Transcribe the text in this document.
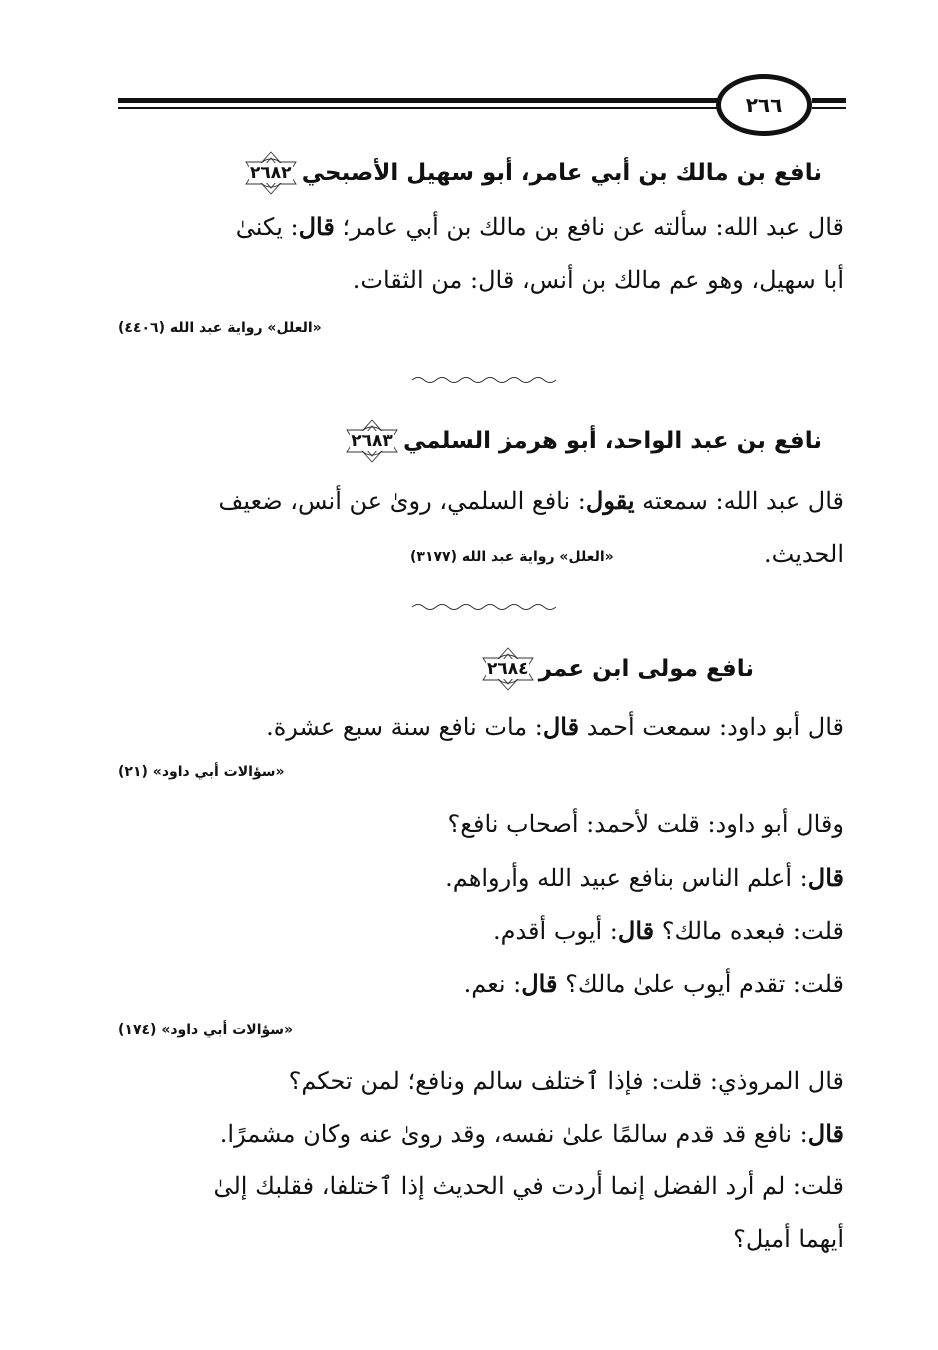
٢٦٦
٢٦٨٢ نافع بن مالك بن أبي عامر، أبو سهيل الأصبحي
قال عبد الله: سألته عن نافع بن مالك بن أبي عامر؛ قال: يكنىٰ
أبا سهيل، وهو عم مالك بن أنس، قال: من الثقات.
«العلل» رواية عبد الله (٤٤٠٦)
٢٦٨٣ نافع بن عبد الواحد، أبو هرمز السلمي
قال عبد الله: سمعته يقول: نافع السلمي، روىٰ عن أنس، ضعيف
الحديث.
«العلل» رواية عبد الله (٣١٧٧)
٢٦٨٤ نافع مولى ابن عمر
قال أبو داود: سمعت أحمد قال: مات نافع سنة سبع عشرة.
«سؤالات أبي داود» (٢١)
وقال أبو داود: قلت لأحمد: أصحاب نافع؟
قال: أعلم الناس بنافع عبيد الله وأرواهم.
قلت: فبعده مالك؟ قال: أيوب أقدم.
قلت: تقدم أيوب علىٰ مالك؟ قال: نعم.
«سؤالات أبي داود» (١٧٤)
قال المروذي: قلت: فإذا ٱختلف سالم ونافع؛ لمن تحكم؟
قال: نافع قد قدم سالمًا علىٰ نفسه، وقد روىٰ عنه وكان مشمرًا.
قلت: لم أرد الفضل إنما أردت في الحديث إذا ٱختلفا، فقلبك إلىٰ
أيهما أميل؟
